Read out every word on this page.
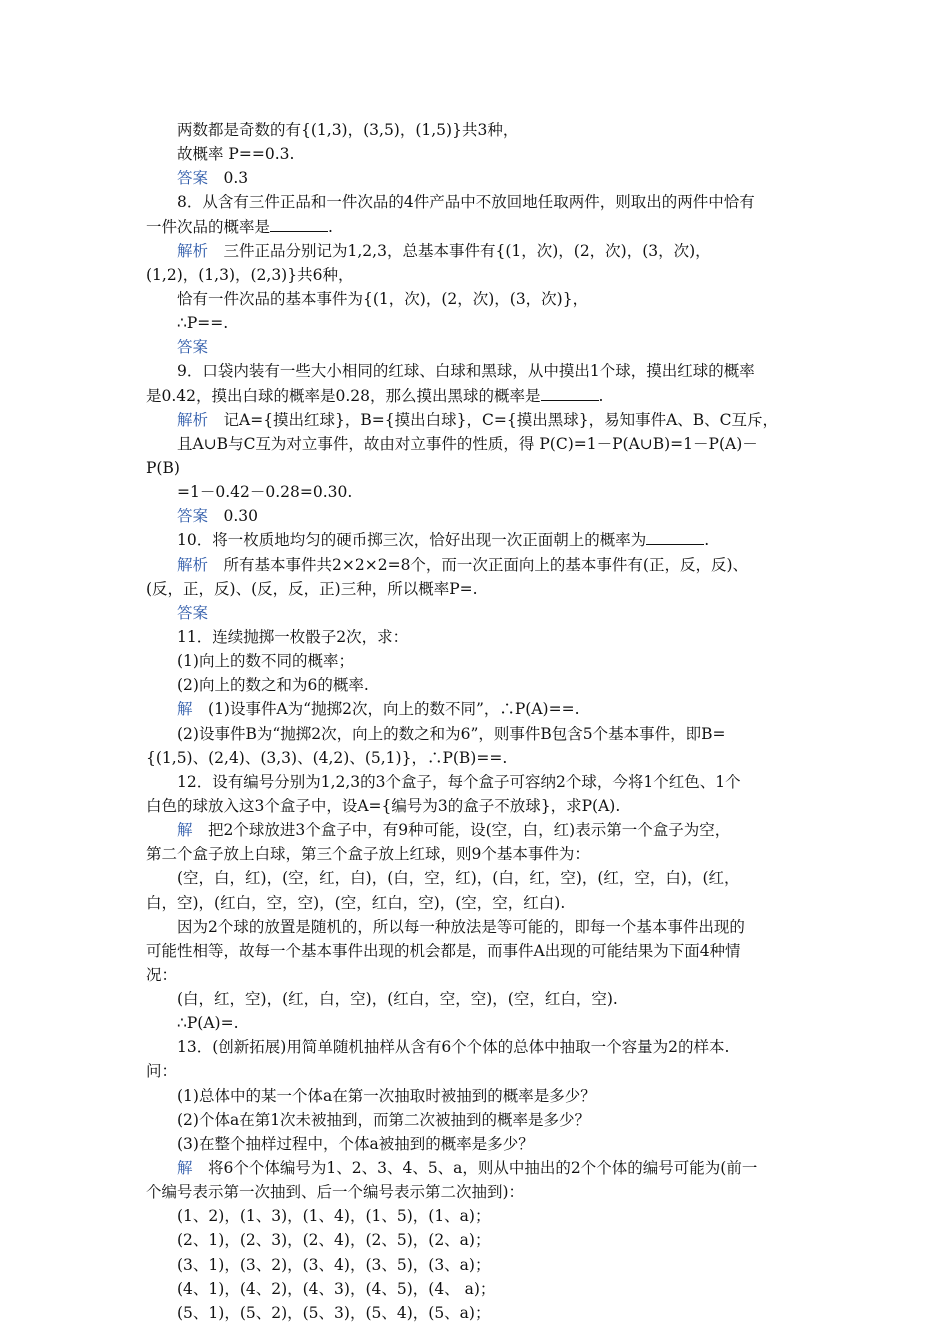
两数都是奇数的有{(1,3)，(3,5)，(1,5)}共3种，
故概率 P==0.3.
答案　0.3
8．从含有三件正品和一件次品的4件产品中不放回地任取两件，则取出的两件中恰有
一件次品的概率是	.
解析　三件正品分别记为1,2,3，总基本事件有{(1，次)，(2，次)，(3，次)，
(1,2)，(1,3)，(2,3)}共6种，
恰有一件次品的基本事件为{(1，次)，(2，次)，(3，次)}，
∴P==.
答案
9．口袋内装有一些大小相同的红球、白球和黑球，从中摸出1个球，摸出红球的概率
是0.42，摸出白球的概率是0.28，那么摸出黑球的概率是	.
解析　记A={摸出红球}，B={摸出白球}，C={摸出黑球}，易知事件A、B、C互斥，
且A∪B与C互为对立事件，故由对立事件的性质，得 P(C)=1－P(A∪B)=1－P(A)－
P(B)
=1－0.42－0.28=0.30.
答案　0.30
10．将一枚质地均匀的硬币掷三次，恰好出现一次正面朝上的概率为	.
解析　所有基本事件共2×2×2=8个，而一次正面向上的基本事件有(正，反，反)、
(反，正，反)、(反，反，正)三种，所以概率P=.
答案
11．连续抛掷一枚骰子2次，求：
(1)向上的数不同的概率；
(2)向上的数之和为6的概率.
解　(1)设事件A为“抛掷2次，向上的数不同”，∴P(A)==.
(2)设事件B为“抛掷2次，向上的数之和为6”，则事件B包含5个基本事件，即B=
{(1,5)、(2,4)、(3,3)、(4,2)、(5,1)}，∴P(B)==.
12．设有编号分别为1,2,3的3个盒子，每个盒子可容纳2个球，今将1个红色、1个
白色的球放入这3个盒子中，设A={编号为3的盒子不放球}，求P(A).
解　把2个球放进3个盒子中，有9种可能，设(空，白，红)表示第一个盒子为空，
第二个盒子放上白球，第三个盒子放上红球，则9个基本事件为：
(空，白，红)，(空，红，白)，(白，空，红)，(白，红，空)，(红，空，白)，(红，
白，空)，(红白，空，空)，(空，红白，空)，(空，空，红白).
因为2个球的放置是随机的，所以每一种放法是等可能的，即每一个基本事件出现的
可能性相等，故每一个基本事件出现的机会都是，而事件A出现的可能结果为下面4种情
况：
(白，红，空)，(红，白，空)，(红白，空，空)，(空，红白，空).
∴P(A)=.
13．(创新拓展)用简单随机抽样从含有6个个体的总体中抽取一个容量为2的样本.
问：
(1)总体中的某一个体a在第一次抽取时被抽到的概率是多少？
(2)个体a在第1次未被抽到，而第二次被抽到的概率是多少？
(3)在整个抽样过程中，个体a被抽到的概率是多少？
解　将6个个体编号为1、2、3、4、5、a，则从中抽出的2个个体的编号可能为(前一
个编号表示第一次抽到、后一个编号表示第二次抽到)：
(1、2)，(1、3)，(1、4)，(1、5)，(1、a)；
(2、1)，(2、3)，(2、4)，(2、5)，(2、a)；
(3、1)，(3、2)，(3、4)，(3、5)，(3、a)；
(4、1)，(4、2)，(4、3)，(4、5)，(4、 a)；
(5、1)，(5、2)，(5、3)，(5、4)，(5、a)；
